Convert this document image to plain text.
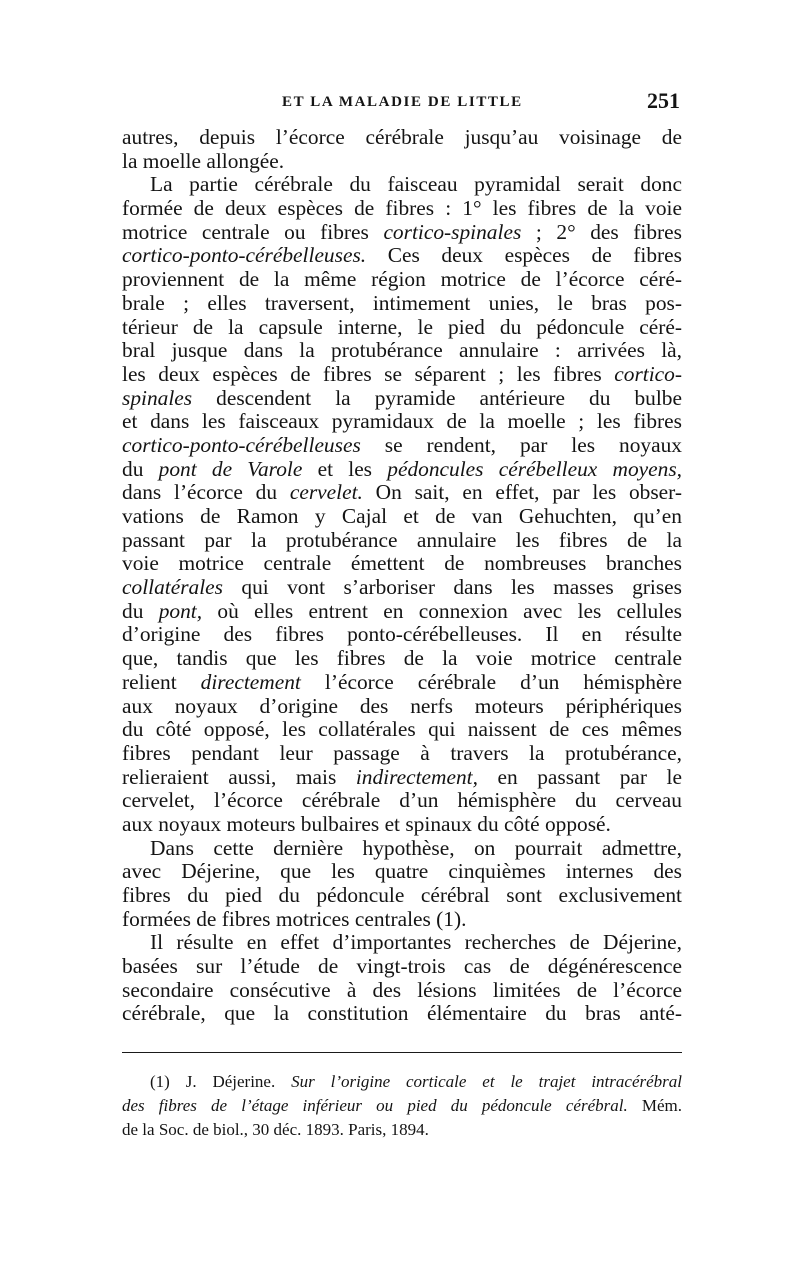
ET LA MALADIE DE LITTLE	251
autres, depuis l’écorce cérébrale jusqu’au voisinage de
la moelle allongée.
La partie cérébrale du faisceau pyramidal serait donc
formée de deux espèces de fibres : 1° les fibres de la voie
motrice centrale ou fibres cortico-spinales ; 2° des fibres
cortico-ponto-cérébelleuses. Ces deux espèces de fibres
proviennent de la même région motrice de l’écorce céré-
brale ; elles traversent, intimement unies, le bras pos-
térieur de la capsule interne, le pied du pédoncule céré-
bral jusque dans la protubérance annulaire : arrivées là,
les deux espèces de fibres se séparent ; les fibres cortico-
spinales descendent la pyramide antérieure du bulbe
et dans les faisceaux pyramidaux de la moelle ; les fibres
cortico-ponto-cérébelleuses se rendent, par les noyaux
du pont de Varole et les pédoncules cérébelleux moyens,
dans l’écorce du cervelet. On sait, en effet, par les obser-
vations de Ramon y Cajal et de van Gehuchten, qu’en
passant par la protubérance annulaire les fibres de la
voie motrice centrale émettent de nombreuses branches
collatérales qui vont s’arboriser dans les masses grises
du pont, où elles entrent en connexion avec les cellules
d’origine des fibres ponto-cérébelleuses. Il en résulte
que, tandis que les fibres de la voie motrice centrale
relient directement l’écorce cérébrale d’un hémisphère
aux noyaux d’origine des nerfs moteurs périphériques
du côté opposé, les collatérales qui naissent de ces mêmes
fibres pendant leur passage à travers la protubérance,
relieraient aussi, mais indirectement, en passant par le
cervelet, l’écorce cérébrale d’un hémisphère du cerveau
aux noyaux moteurs bulbaires et spinaux du côté opposé.
Dans cette dernière hypothèse, on pourrait admettre,
avec Déjerine, que les quatre cinquièmes internes des
fibres du pied du pédoncule cérébral sont exclusivement
formées de fibres motrices centrales (1).
Il résulte en effet d’importantes recherches de Déjerine,
basées sur l’étude de vingt-trois cas de dégénérescence
secondaire consécutive à des lésions limitées de l’écorce
cérébrale, que la constitution élémentaire du bras anté-
(1) J. Déjerine. Sur l’origine corticale et le trajet intracérébral
des fibres de l’étage inférieur ou pied du pédoncule cérébral. Mém.
de la Soc. de biol., 30 déc. 1893. Paris, 1894.
